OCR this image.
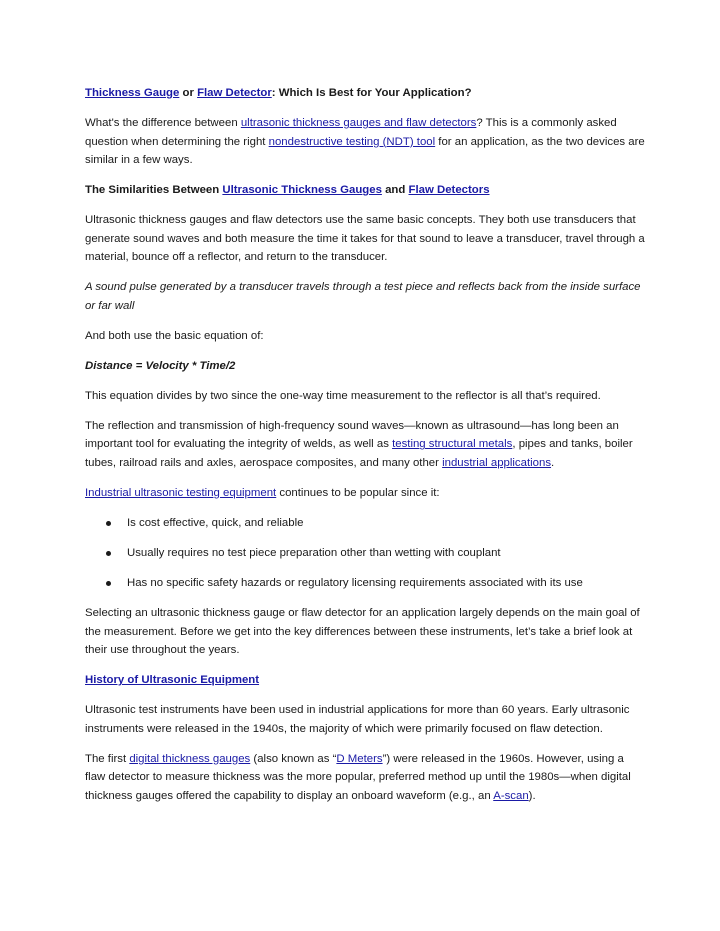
Thickness Gauge or Flaw Detector: Which Is Best for Your Application?

What's the difference between ultrasonic thickness gauges and flaw detectors? This is a commonly asked question when determining the right nondestructive testing (NDT) tool for an application, as the two devices are similar in a few ways.

The Similarities Between Ultrasonic Thickness Gauges and Flaw Detectors

Ultrasonic thickness gauges and flaw detectors use the same basic concepts. They both use transducers that generate sound waves and both measure the time it takes for that sound to leave a transducer, travel through a material, bounce off a reflector, and return to the transducer.

A sound pulse generated by a transducer travels through a test piece and reflects back from the inside surface or far wall

And both use the basic equation of:

Distance = Velocity * Time/2

This equation divides by two since the one-way time measurement to the reflector is all that’s required.

The reflection and transmission of high-frequency sound waves—known as ultrasound—has long been an important tool for evaluating the integrity of welds, as well as testing structural metals, pipes and tanks, boiler tubes, railroad rails and axles, aerospace composites, and many other industrial applications.

Industrial ultrasonic testing equipment continues to be popular since it:

Is cost effective, quick, and reliable
Usually requires no test piece preparation other than wetting with couplant
Has no specific safety hazards or regulatory licensing requirements associated with its use

Selecting an ultrasonic thickness gauge or flaw detector for an application largely depends on the main goal of the measurement. Before we get into the key differences between these instruments, let’s take a brief look at their use throughout the years.

History of Ultrasonic Equipment

Ultrasonic test instruments have been used in industrial applications for more than 60 years. Early ultrasonic instruments were released in the 1940s, the majority of which were primarily focused on flaw detection.

The first digital thickness gauges (also known as “D Meters”) were released in the 1960s. However, using a flaw detector to measure thickness was the more popular, preferred method up until the 1980s—when digital thickness gauges offered the capability to display an onboard waveform (e.g., an A-scan).
